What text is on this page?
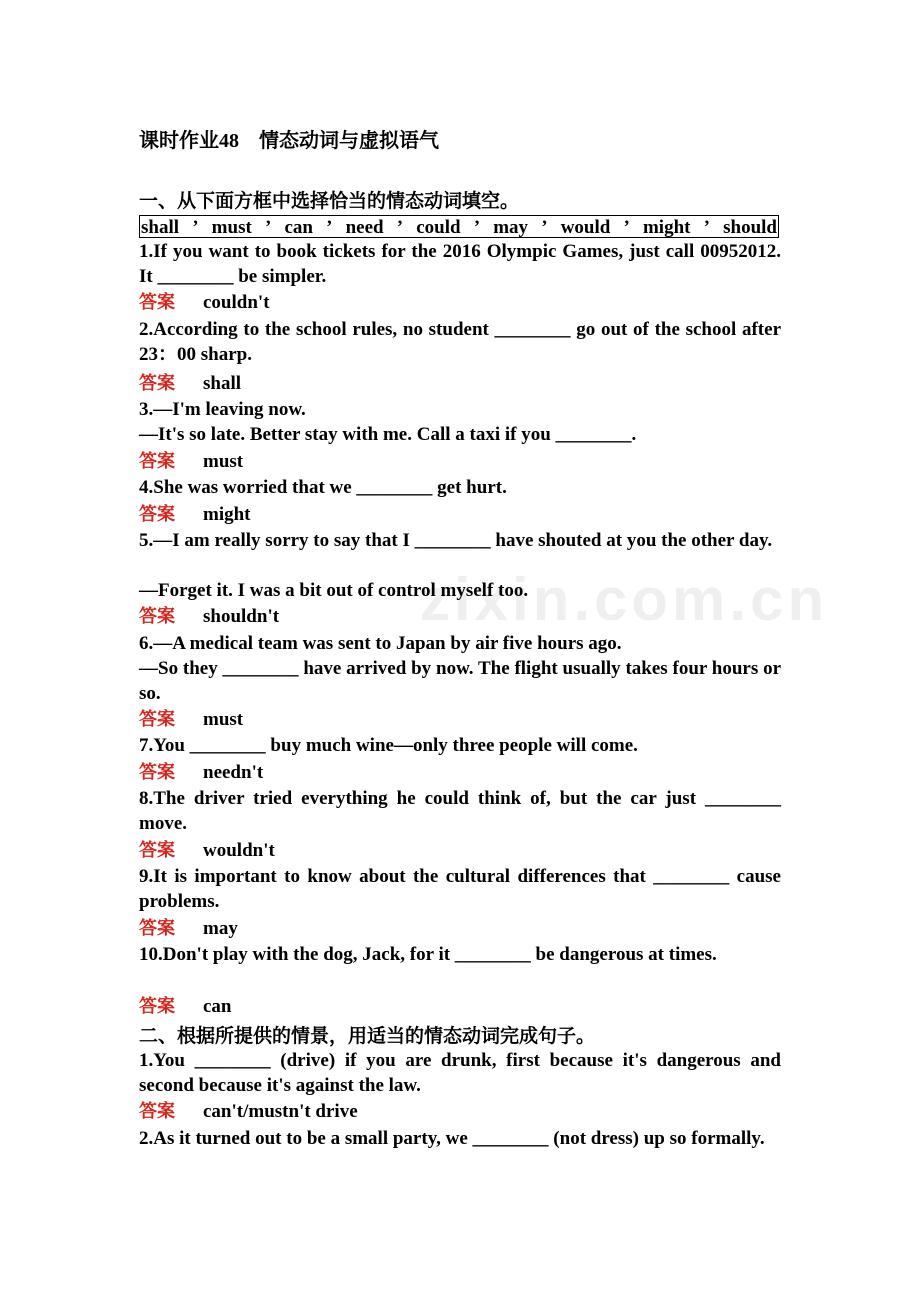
zixin.com.cn
课时作业48　情态动词与虚拟语气
一、从下面方框中选择恰当的情态动词填空。
shall ’ must ’ can ’ need ’ could ’ may ’ would ’ might ’ should
1.If you want to book tickets for the 2016 Olympic Games, just call 00952012. It ________ be simpler.
答案 couldn't
2.According to the school rules, no student ________ go out of the school after 23：00 sharp.
答案 shall
3.—I'm leaving now.
—It's so late. Better stay with me. Call a taxi if you ________.
答案 must
4.She was worried that we ________ get hurt.
答案 might
5.—I am really sorry to say that I ________ have shouted at you the other day.
—Forget it. I was a bit out of control myself too.
答案 shouldn't
6.—A medical team was sent to Japan by air five hours ago.
—So they ________ have arrived by now. The flight usually takes four hours or so.
答案 must
7.You ________ buy much wine—only three people will come.
答案 needn't
8.The driver tried everything he could think of, but the car just ________ move.
答案 wouldn't
9.It is important to know about the cultural differences that ________ cause problems.
答案 may
10.Don't play with the dog, Jack, for it ________ be dangerous at times.
答案 can
二、根据所提供的情景，用适当的情态动词完成句子。
1.You ________ (drive) if you are drunk, first because it's dangerous and second because it's against the law.
答案 can't/mustn't drive
2.As it turned out to be a small party, we ________ (not dress) up so formally.
